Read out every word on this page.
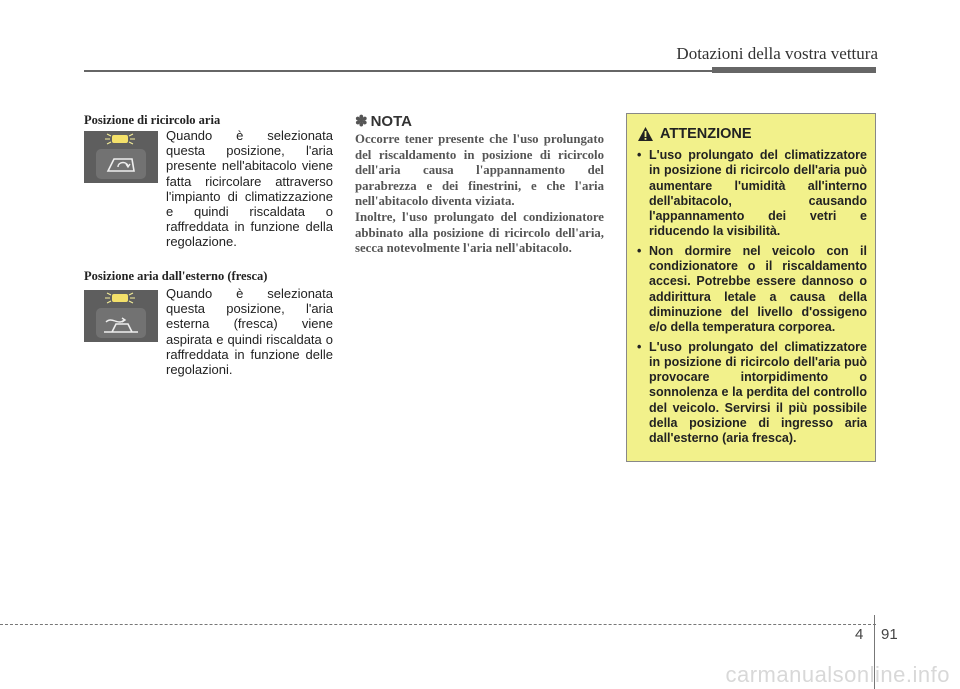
Dotazioni della vostra vettura
Posizione di ricircolo aria
Quando è selezionata questa posizione, l'aria presente nell'abitacolo viene fatta ricircolare attraverso l'impianto di climatizzazione e quindi riscaldata o raffreddata in funzione della regolazione.
Posizione aria dall'esterno (fresca)
Quando è selezionata questa posizione, l'aria esterna (fresca) viene aspirata e quindi riscaldata o raffreddata in funzione delle regolazioni.
✽ NOTA

Occorre tener presente che l'uso prolungato del riscaldamento in posizione di ricircolo dell'aria causa l'appannamento del parabrezza e dei finestrini, e che l'aria nell'abitacolo diventa viziata.

Inoltre, l'uso prolungato del condizionatore abbinato alla posizione di ricircolo dell'aria, secca notevolmente l'aria nell'abitacolo.

ATTENZIONE
• L'uso prolungato del climatizzatore in posizione di ricircolo dell'aria può aumentare l'umidità all'interno dell'abitacolo, causando l'appannamento dei vetri e riducendo la visibilità.
• Non dormire nel veicolo con il condizionatore o il riscaldamento accesi. Potrebbe essere dannoso o addirittura letale a causa della diminuzione del livello d'ossigeno e/o della temperatura corporea.
• L'uso prolungato del climatizzatore in posizione di ricircolo dell'aria può provocare intorpidimento o sonnolenza e la perdita del controllo del veicolo. Servirsi il più possibile della posizione di ingresso aria dall'esterno (aria fresca).
4 91
carmanualsonline.info
